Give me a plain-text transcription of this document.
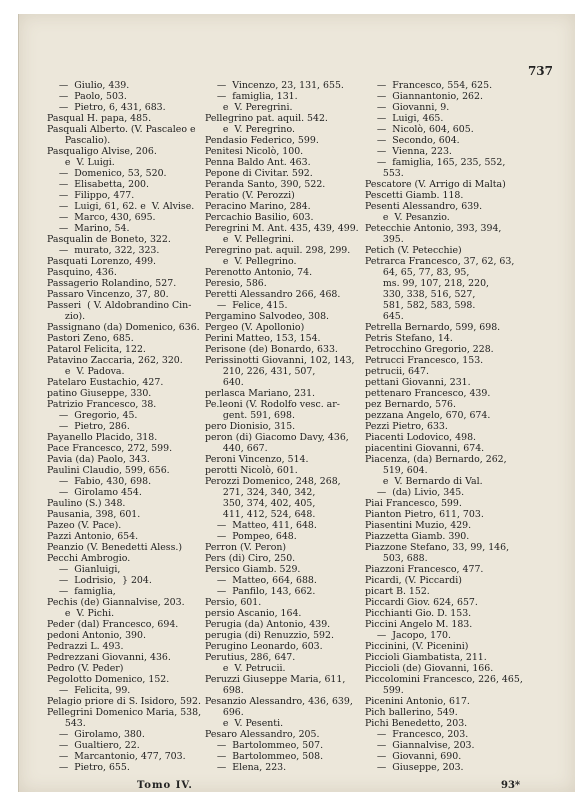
737
—  Giulio, 439.
—  Paolo, 503.
—  Pietro, 6, 431, 683.
Pasqual H. papa, 485.
Pasquali Alberto. (V. Pascaleo e
Pascalio).
Pasqualigo Alvise, 206.
e  V. Luigi.
—  Domenico, 53, 520.
—  Elisabetta, 200.
—  Filippo, 477.
—  Luigi, 61, 62. e  V. Alvise.
—  Marco, 430, 695.
—  Marino, 54.
Pasqualin de Boneto, 322.
—  murato, 322, 323.
Pasquati Lorenzo, 499.
Pasquino, 436.
Passagerio Rolandino, 527.
Passaro Vincenzo, 37, 80.
Passeri  ( V. Aldobrandino Cin-
zio).
Passignano (da) Domenico, 636.
Pastori Zeno, 685.
Patarol Felicita, 122.
Patavino Zaccaria, 262, 320.
e  V. Padova.
Patelaro Eustachio, 427.
patino Giuseppe, 330.
Patrizio Francesco, 38.
—  Gregorio, 45.
—  Pietro, 286.
Payanello Placido, 318.
Pace Francesco, 272, 599.
Pavia (da) Paolo, 343.
Paulini Claudio, 599, 656.
—  Fabio, 430, 698.
—  Girolamo 454.
Paulino (S.) 348.
Pausania, 398, 601.
Pazeo (V. Pace).
Pazzi Antonio, 654.
Peanzio (V. Benedetti Aless.)
Pecchi Ambrogio.
—  Gianluigi,
—  Lodrisio,  } 204.
—  famiglia,
Pechis (de) Giannalvise, 203.
e  V. Pichi.
Peder (dal) Francesco, 694.
pedoni Antonio, 390.
Pedrazzi L. 493.
Pedrezzani Giovanni, 436.
Pedro (V. Peder)
Pegolotto Domenico, 152.
—  Felicita, 99.
Pelagio priore di S. Isidoro, 592.
Pellegrini Domenico Maria, 538,
543.
—  Girolamo, 380.
—  Gualtiero, 22.
—  Marcantonio, 477, 703.
—  Pietro, 655.
—  Vincenzo, 23, 131, 655.
—  famiglia, 131.
e  V. Peregrini.
Pellegrino pat. aquil. 542.
e  V. Peregrino.
Pendasio Federico, 599.
Penitesi Nicolò, 100.
Penna Baldo Ant. 463.
Pepone di Civitar. 592.
Peranda Santo, 390, 522.
Peratio (V. Perozzi)
Peracino Marino, 284.
Percachio Basilio, 603.
Peregrini M. Ant. 435, 439, 499.
e  V. Pellegrini.
Peregrino pat. aquil. 298, 299.
e  V. Pellegrino.
Perenotto Antonio, 74.
Peresio, 586.
Peretti Alessandro 266, 468.
—  Felice, 415.
Pergamino Salvodeo, 308.
Pergeo (V. Apollonio)
Perini Matteo, 153, 154.
Perisone (de) Bonardo, 633.
Perissinotti Giovanni, 102, 143,
210, 226, 431, 507,
640.
perlasca Mariano, 231.
Pe.leoni (V. Rodolfo vesc. ar-
gent. 591, 698.
pero Dionisio, 315.
peron (di) Giacomo Davy, 436,
440, 667.
Peroni Vincenzo, 514.
perotti Nicolò, 601.
Perozzi Domenico, 248, 268,
271, 324, 340, 342,
350, 374, 402, 405,
411, 412, 524, 648.
—  Matteo, 411, 648.
—  Pompeo, 648.
Perron (V. Peron)
Pers (di) Ciro, 250.
Persico Giamb. 529.
—  Matteo, 664, 688.
—  Panfilo, 143, 662.
Persio, 601.
persio Ascanio, 164.
Perugia (da) Antonio, 439.
perugia (di) Renuzzio, 592.
Perugino Leonardo, 603.
Perutius, 286, 647.
e  V. Petrucii.
Peruzzi Giuseppe Maria, 611,
698.
Pesanzio Alessandro, 436, 639,
696.
e  V. Pesenti.
Pesaro Alessandro, 205.
—  Bartolommeo, 507.
—  Bartolommeo, 508.
—  Elena, 223.
—  Francesco, 554, 625.
—  Giannantonio, 262.
—  Giovanni, 9.
—  Luigi, 465.
—  Nicolò, 604, 605.
—  Secondo, 604.
—  Vienna, 223.
—  famiglia, 165, 235, 552,
553.
Pescatore (V. Arrigo di Malta)
Pescetti Giamb. 118.
Pesenti Alessandro, 639.
e  V. Pesanzio.
Petecchie Antonio, 393, 394,
395.
Petich (V. Petecchie)
Petrarca Francesco, 37, 62, 63,
64, 65, 77, 83, 95,
ms. 99, 107, 218, 220,
330, 338, 516, 527,
581, 582, 583, 598.
645.
Petrella Bernardo, 599, 698.
Petris Stefano, 14.
Petrocchino Gregorio, 228.
Petrucci Francesco, 153.
petrucii, 647.
pettani Giovanni, 231.
pettenaro Francesco, 439.
pez Bernardo, 576.
pezzana Angelo, 670, 674.
Pezzi Pietro, 633.
Piacenti Lodovico, 498.
piacentini Giovanni, 674.
Piacenza, (da) Bernardo, 262,
519, 604.
e  V. Bernardo di Val.
—  (da) Livio, 345.
Piai Francesco, 599.
Pianton Pietro, 611, 703.
Piasentini Muzio, 429.
Piazzetta Giamb. 390.
Piazzone Stefano, 33, 99, 146,
503, 688.
Piazzoni Francesco, 477.
Picardi, (V. Piccardi)
picart B. 152.
Piccardi Giov. 624, 657.
Picchianti Gio. D. 153.
Piccini Angelo M. 183.
—  Jacopo, 170.
Piccinini, (V. Picenini)
Piccioli Giambatista, 211.
Piccioli (de) Giovanni, 166.
Piccolomini Francesco, 226, 465,
599.
Picenini Antonio, 617.
Pich ballerino, 549.
Pichi Benedetto, 203.
—  Francesco, 203.
—  Giannalvise, 203.
—  Giovanni, 690.
—  Giuseppe, 203.
Tomo IV.	93*
